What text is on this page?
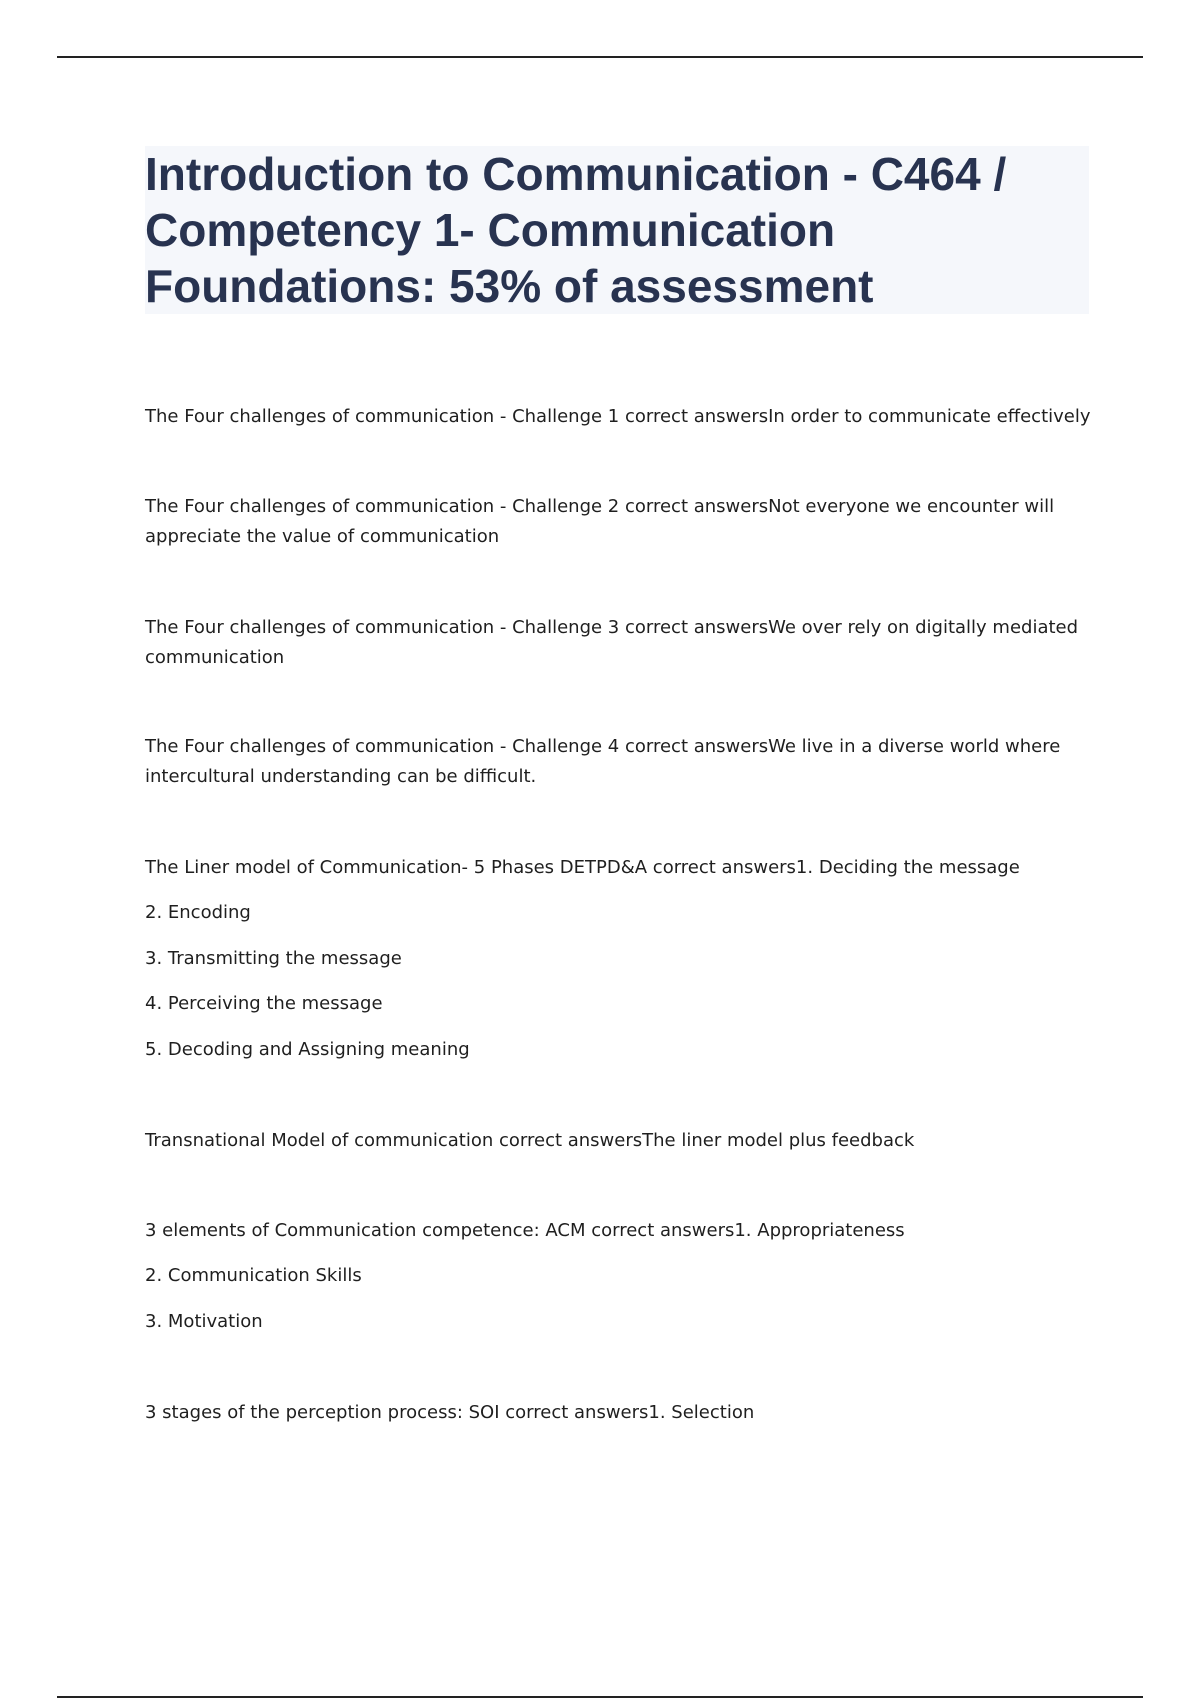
Introduction to Communication - C464 /
Competency 1- Communication
Foundations: 53% of assessment

The Four challenges of communication - Challenge 1 correct answersIn order to communicate effectively

The Four challenges of communication - Challenge 2 correct answersNot everyone we encounter will

appreciate the value of communication

The Four challenges of communication - Challenge 3 correct answersWe over rely on digitally mediated

communication

The Four challenges of communication - Challenge 4 correct answersWe live in a diverse world where

intercultural understanding can be difficult.

The Liner model of Communication- 5 Phases DETPD&A correct answers1. Deciding the message

2. Encoding

3. Transmitting the message

4. Perceiving the message

5. Decoding and Assigning meaning

Transnational Model of communication correct answersThe liner model plus feedback

3 elements of Communication competence: ACM correct answers1. Appropriateness

2. Communication Skills

3. Motivation

3 stages of the perception process: SOI correct answers1. Selection
